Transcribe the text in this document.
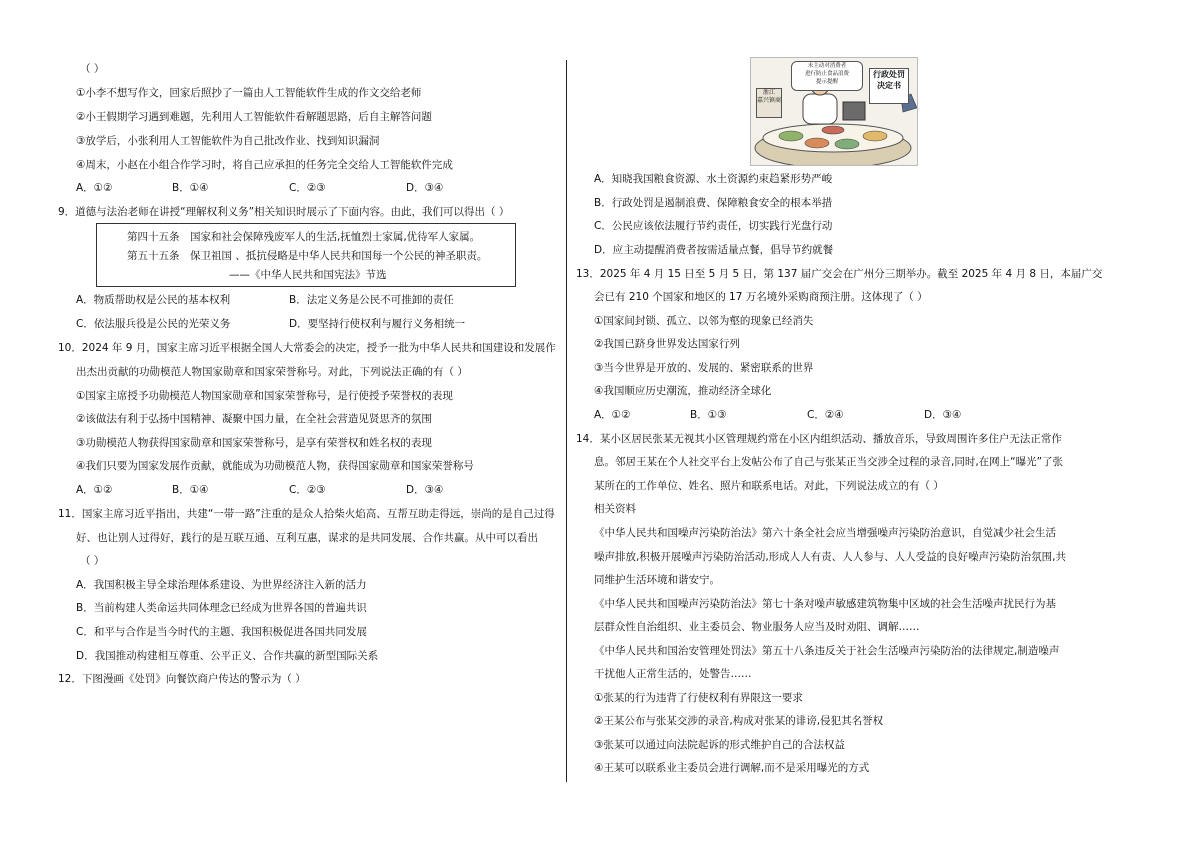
（ ）
①小李不想写作文，回家后照抄了一篇由人工智能软件生成的作文交给老师
②小王假期学习遇到难题，先利用人工智能软件看解题思路，后自主解答问题
③放学后，小张利用人工智能软件为自己批改作业、找到知识漏洞
④周末，小赵在小组合作学习时，将自己应承担的任务完全交给人工智能软件完成
A．①②	B．①④	C．②③	D．③④
9．道德与法治老师在讲授“理解权利义务”相关知识时展示了下面内容。由此，我们可以得出（ ）
第四十五条　国家和社会保障残废军人的生活,抚恤烈士家属,优待军人家属。
第五十五条　保卫祖国 、抵抗侵略是中华人民共和国每一个公民的神圣职责。
——《中华人民共和国宪法》节选
A．物质帮助权是公民的基本权利	B．法定义务是公民不可推卸的责任
C．依法服兵役是公民的光荣义务	D．要坚持行使权利与履行义务相统一
10．2024 年 9 月，国家主席习近平根据全国人大常委会的决定，授予一批为中华人民共和国建设和发展作
出杰出贡献的功勋模范人物国家勋章和国家荣誉称号。对此，下列说法正确的有（ ）
①国家主席授予功勋模范人物国家勋章和国家荣誉称号，是行使授予荣誉权的表现
②该做法有利于弘扬中国精神、凝聚中国力量，在全社会营造见贤思齐的氛围
③功勋模范人物获得国家勋章和国家荣誉称号，是享有荣誉权和姓名权的表现
④我们只要为国家发展作贡献，就能成为功勋模范人物，获得国家勋章和国家荣誉称号
A．①②	B．①④	C．②③	D．③④
11．国家主席习近平指出，共建“一带一路”注重的是众人拾柴火焰高、互帮互助走得远，崇尚的是自己过得
好、也让别人过得好，践行的是互联互通、互利互惠，谋求的是共同发展、合作共赢。从中可以看出
（ ）
A．我国积极主导全球治理体系建设、为世界经济注入新的活力
B．当前构建人类命运共同体理念已经成为世界各国的普遍共识
C．和平与合作是当今时代的主题、我国积极促进各国共同发展
D．我国推动构建相互尊重、公平正义、合作共赢的新型国际关系
12．下图漫画《处罚》向餐饮商户传达的警示为（ ）
浙江
嘉兴镇商
未主动对消费者
进行防止食品浪费
提示提醒
行政处罚
决定书
A．知晓我国粮食资源、水土资源约束趋紧形势严峻
B．行政处罚是遏制浪费、保障粮食安全的根本举措
C．公民应该依法履行节约责任，切实践行光盘行动
D．应主动提醒消费者按需适量点餐，倡导节约就餐
13．2025 年 4 月 15 日至 5 月 5 日，第 137 届广交会在广州分三期举办。截至 2025 年 4 月 8 日，本届广交
会已有 210 个国家和地区的 17 万名境外采购商预注册。这体现了（ ）
①国家间封锁、孤立、以邻为壑的现象已经消失
②我国已跻身世界发达国家行列
③当今世界是开放的、发展的、紧密联系的世界
④我国顺应历史潮流，推动经济全球化
A．①②	B．①③	C．②④	D．③④
14．某小区居民张某无视其小区管理规约常在小区内组织活动、播放音乐，导致周围许多住户无法正常作
息。邻居王某在个人社交平台上发帖公布了自己与张某正当交涉全过程的录音,同时,在网上“曝光”了张
某所在的工作单位、姓名、照片和联系电话。对此，下列说法成立的有（ ）
相关资料
《中华人民共和国噪声污染防治法》第六十条全社会应当增强噪声污染防治意识，自觉减少社会生活
噪声排放,积极开展噪声污染防治活动,形成人人有责、人人参与、人人受益的良好噪声污染防治氛围,共
同维护生活环境和谐安宁。
《中华人民共和国噪声污染防治法》第七十条对噪声敏感建筑物集中区域的社会生活噪声扰民行为基
层群众性自治组织、业主委员会、物业服务人应当及时劝阻、调解……
《中华人民共和国治安管理处罚法》第五十八条违反关于社会生活噪声污染防治的法律规定,制造噪声
干扰他人正常生活的，处警告……
①张某的行为违背了行使权利有界限这一要求
②王某公布与张某交涉的录音,构成对张某的诽谤,侵犯其名誉权
③张某可以通过向法院起诉的形式维护自己的合法权益
④王某可以联系业主委员会进行调解,而不是采用曝光的方式
